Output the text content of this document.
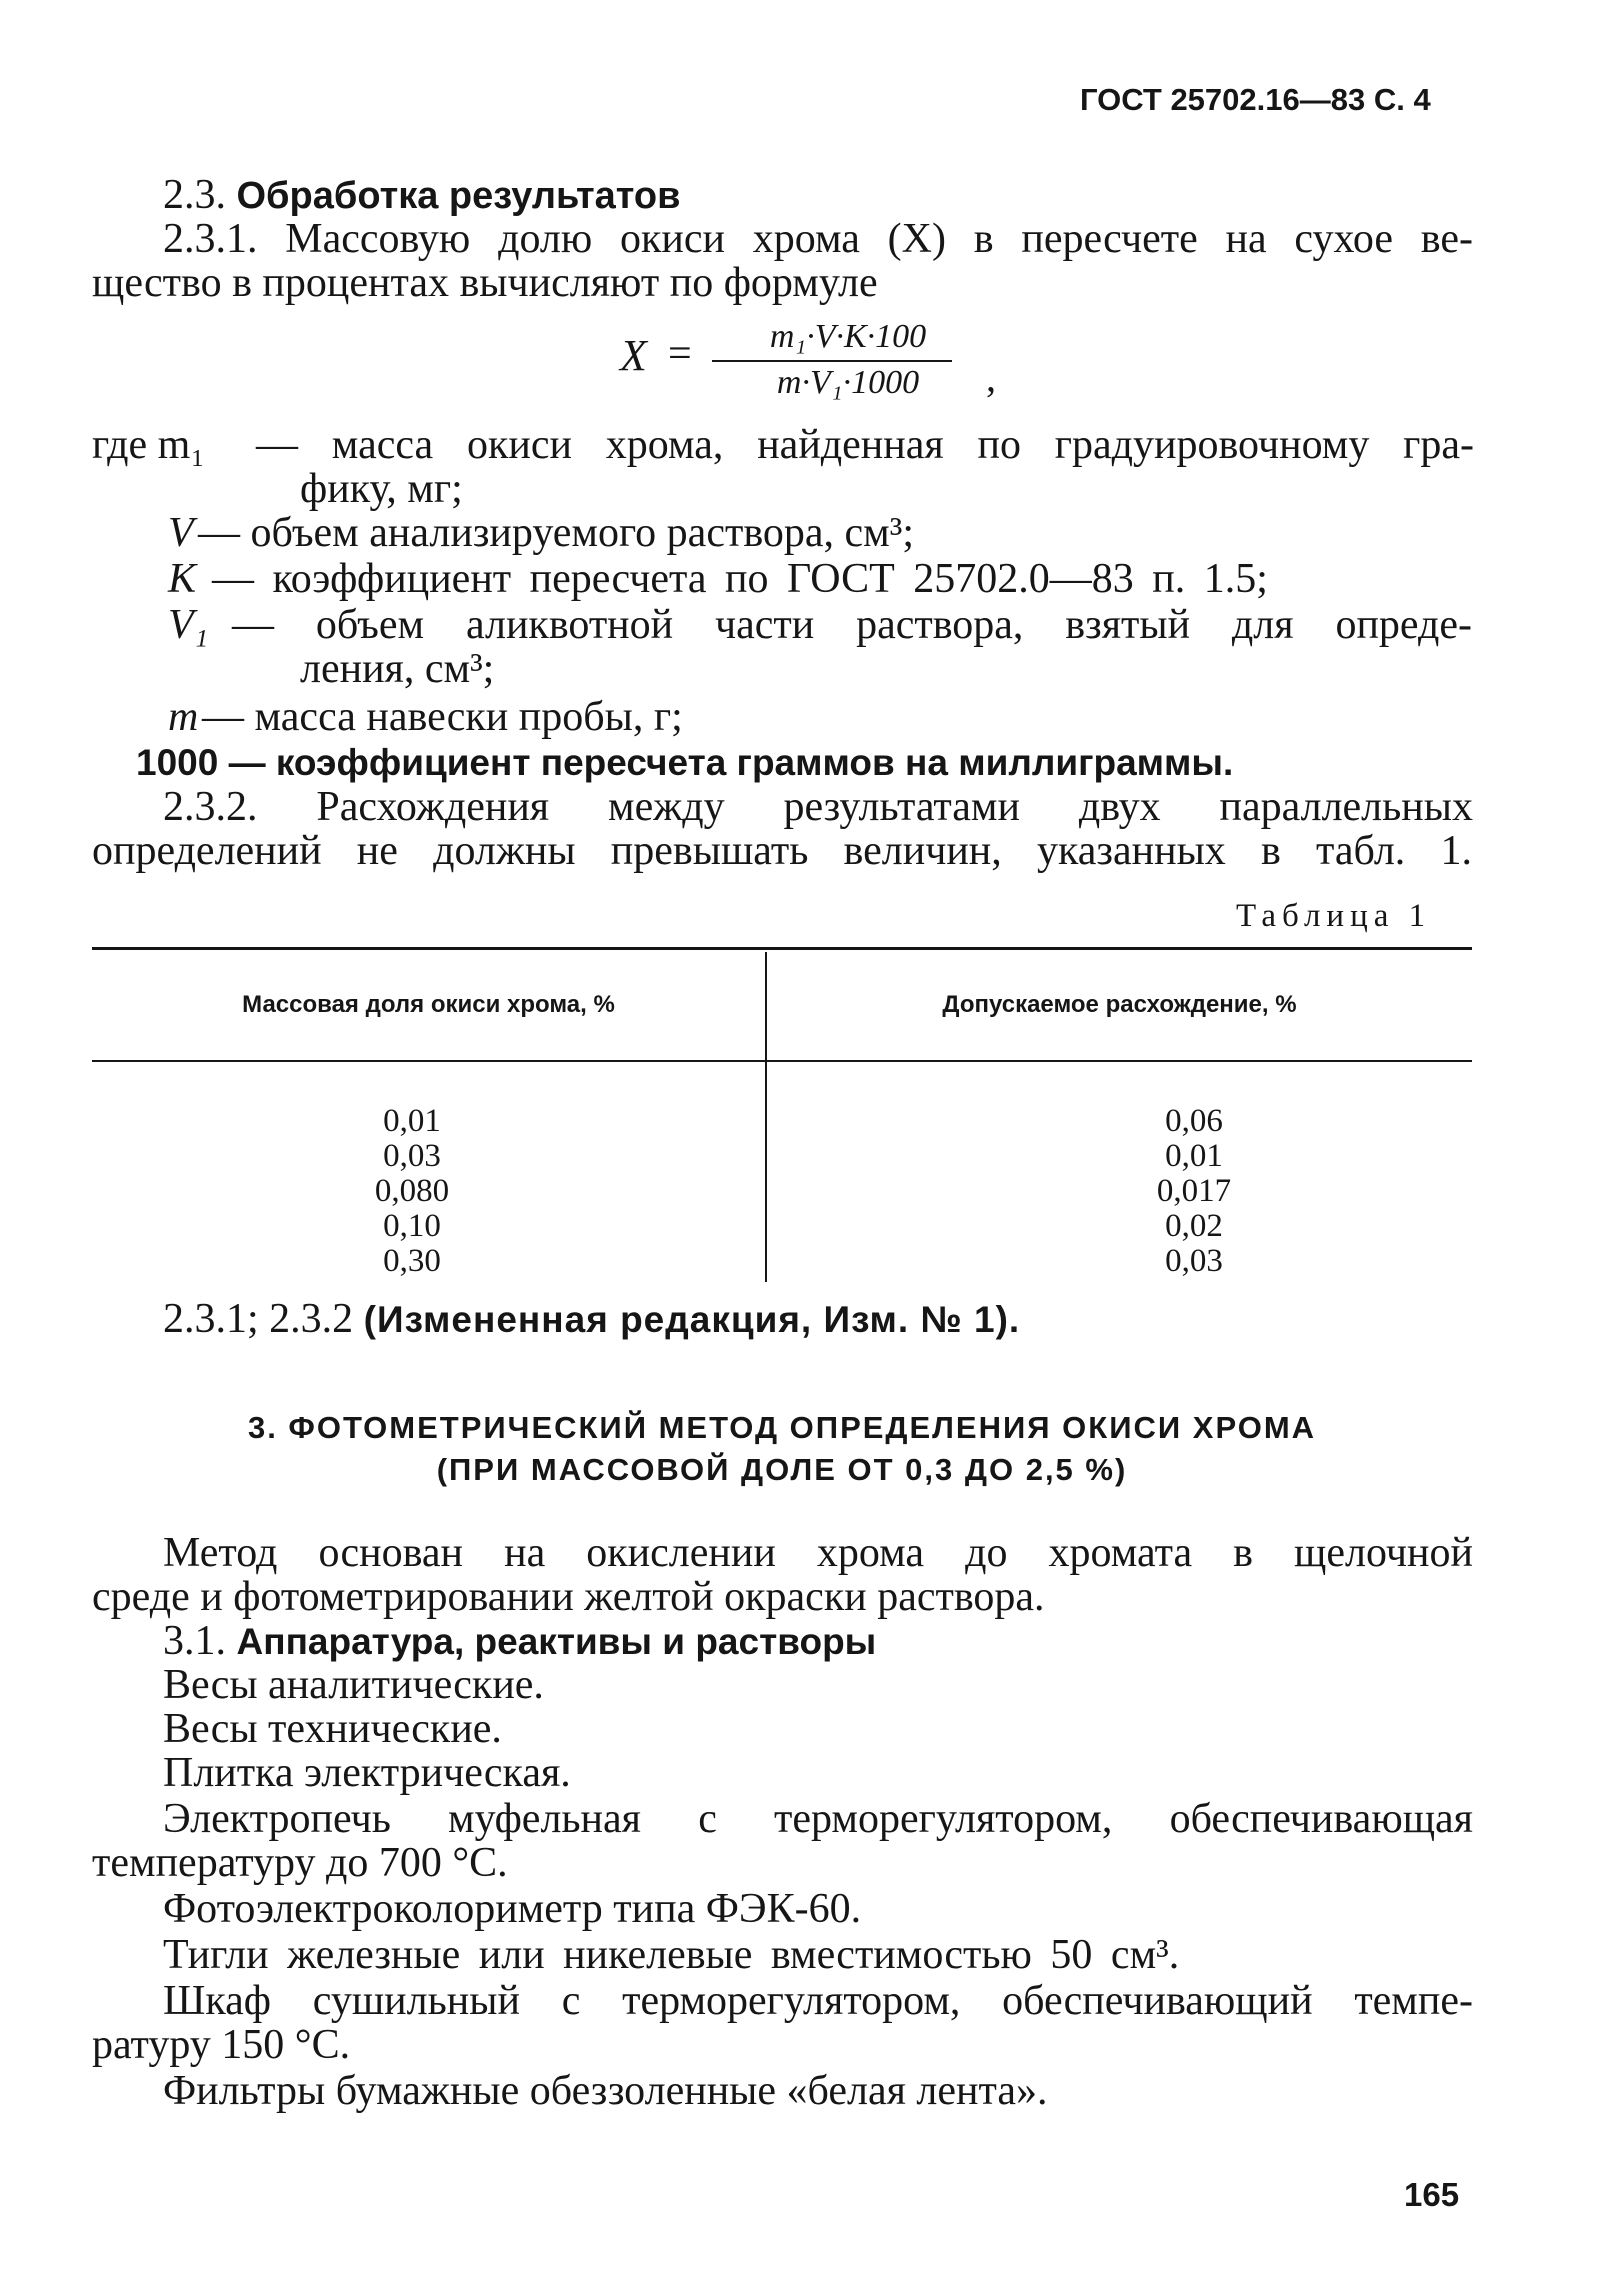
ГОСТ 25702.16—83 С. 4
2.3. Обработка результатов
2.3.1. Массовую долю окиси хрома (X) в пересчете на сухое ве-
щество в процентах вычисляют по формуле
X =	m₁·V·K·100
m·V₁·1000	,
где m₁ — масса окиси хрома, найденная по градуировочному гра-
фику, мг;
V — объем анализируемого раствора, см³;
K — коэффициент пересчета по ГОСТ 25702.0—83 п. 1.5;
V₁ — объем аликвотной части раствора, взятый для опреде-
ления, см³;
m — масса навески пробы, г;
1000 — коэффициент пересчета граммов на миллиграммы.
2.3.2. Расхождения между результатами двух параллельных
определений не должны превышать величин, указанных в табл. 1.
Таблица 1
Массовая доля окиси хрома, %	Допускаемое расхождение, %
0,01	0,06
0,03	0,01
0,080	0,017
0,10	0,02
0,30	0,03
2.3.1; 2.3.2 (Измененная редакция, Изм. № 1).
3. ФОТОМЕТРИЧЕСКИЙ МЕТОД ОПРЕДЕЛЕНИЯ ОКИСИ ХРОМА
(ПРИ МАССОВОЙ ДОЛЕ ОТ 0,3 ДО 2,5 %)
Метод основан на окислении хрома до хромата в щелочной
среде и фотометрировании желтой окраски раствора.
3.1. Аппаратура, реактивы и растворы
Весы аналитические.
Весы технические.
Плитка электрическая.
Электропечь муфельная с терморегулятором, обеспечивающая
температуру до 700 °С.
Фотоэлектроколориметр типа ФЭК-60.
Тигли железные или никелевые вместимостью 50 см³.
Шкаф сушильный с терморегулятором, обеспечивающий темпе-
ратуру 150 °С.
Фильтры бумажные обеззоленные «белая лента».
165
